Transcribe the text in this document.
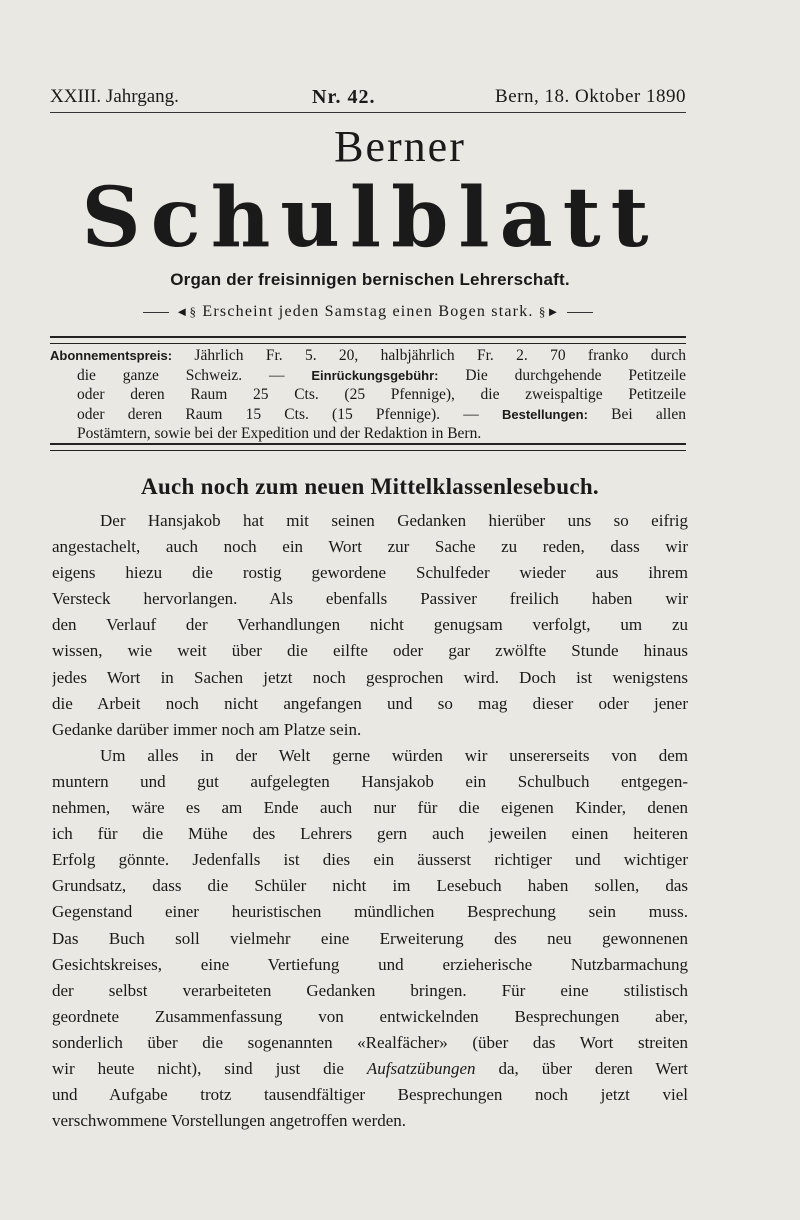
XXIII. Jahrgang.	Nr. 42.	Bern, 18. Oktober 1890
Berner
Schulblatt
Organ der freisinnigen bernischen Lehrerschaft.
◄§ Erscheint jeden Samstag einen Bogen stark. §►
Abonnementspreis: Jährlich Fr. 5. 20, halbjährlich Fr. 2. 70 franko durch
die ganze Schweiz. — Einrückungsgebühr: Die durchgehende Petitzeile
oder deren Raum 25 Cts. (25 Pfennige), die zweispaltige Petitzeile
oder deren Raum 15 Cts. (15 Pfennige). — Bestellungen: Bei allen
Postämtern, sowie bei der Expedition und der Redaktion in Bern.
Auch noch zum neuen Mittelklassenlesebuch.
Der Hansjakob hat mit seinen Gedanken hierüber uns so eifrig
angestachelt, auch noch ein Wort zur Sache zu reden, dass wir
eigens hiezu die rostig gewordene Schulfeder wieder aus ihrem
Versteck hervorlangen. Als ebenfalls Passiver freilich haben wir
den Verlauf der Verhandlungen nicht genugsam verfolgt, um zu
wissen, wie weit über die eilfte oder gar zwölfte Stunde hinaus
jedes Wort in Sachen jetzt noch gesprochen wird. Doch ist wenigstens
die Arbeit noch nicht angefangen und so mag dieser oder jener
Gedanke darüber immer noch am Platze sein.
Um alles in der Welt gerne würden wir unsererseits von dem
muntern und gut aufgelegten Hansjakob ein Schulbuch entgegen-
nehmen, wäre es am Ende auch nur für die eigenen Kinder, denen
ich für die Mühe des Lehrers gern auch jeweilen einen heiteren
Erfolg gönnte. Jedenfalls ist dies ein äusserst richtiger und wichtiger
Grundsatz, dass die Schüler nicht im Lesebuch haben sollen, das
Gegenstand einer heuristischen mündlichen Besprechung sein muss.
Das Buch soll vielmehr eine Erweiterung des neu gewonnenen
Gesichtskreises, eine Vertiefung und erzieherische Nutzbarmachung
der selbst verarbeiteten Gedanken bringen. Für eine stilistisch
geordnete Zusammenfassung von entwickelnden Besprechungen aber,
sonderlich über die sogenannten «Realfächer» (über das Wort streiten
wir heute nicht), sind just die Aufsatzübungen da, über deren Wert
und Aufgabe trotz tausendfältiger Besprechungen noch jetzt viel
verschwommene Vorstellungen angetroffen werden.
